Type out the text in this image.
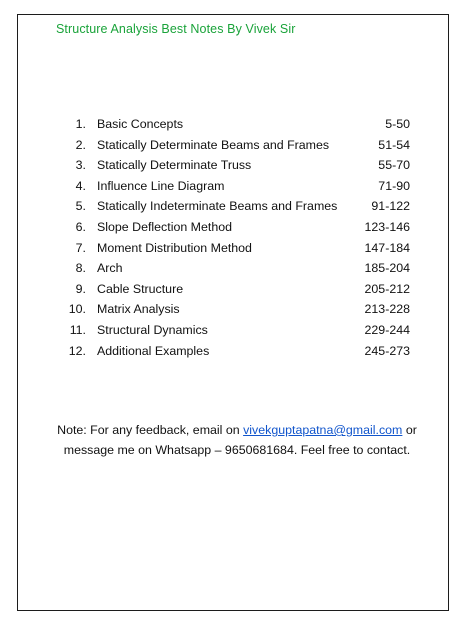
Structure Analysis Best Notes By Vivek Sir
1. Basic Concepts	5-50
2. Statically Determinate Beams and Frames	51-54
3. Statically Determinate Truss	55-70
4. Influence Line Diagram	71-90
5. Statically Indeterminate Beams and Frames	91-122
6. Slope Deflection Method	123-146
7. Moment Distribution Method	147-184
8. Arch	185-204
9. Cable Structure	205-212
10. Matrix Analysis	213-228
11. Structural Dynamics	229-244
12. Additional Examples	245-273
Note: For any feedback, email on vivekguptapatna@gmail.com or
message me on Whatsapp – 9650681684. Feel free to contact.
